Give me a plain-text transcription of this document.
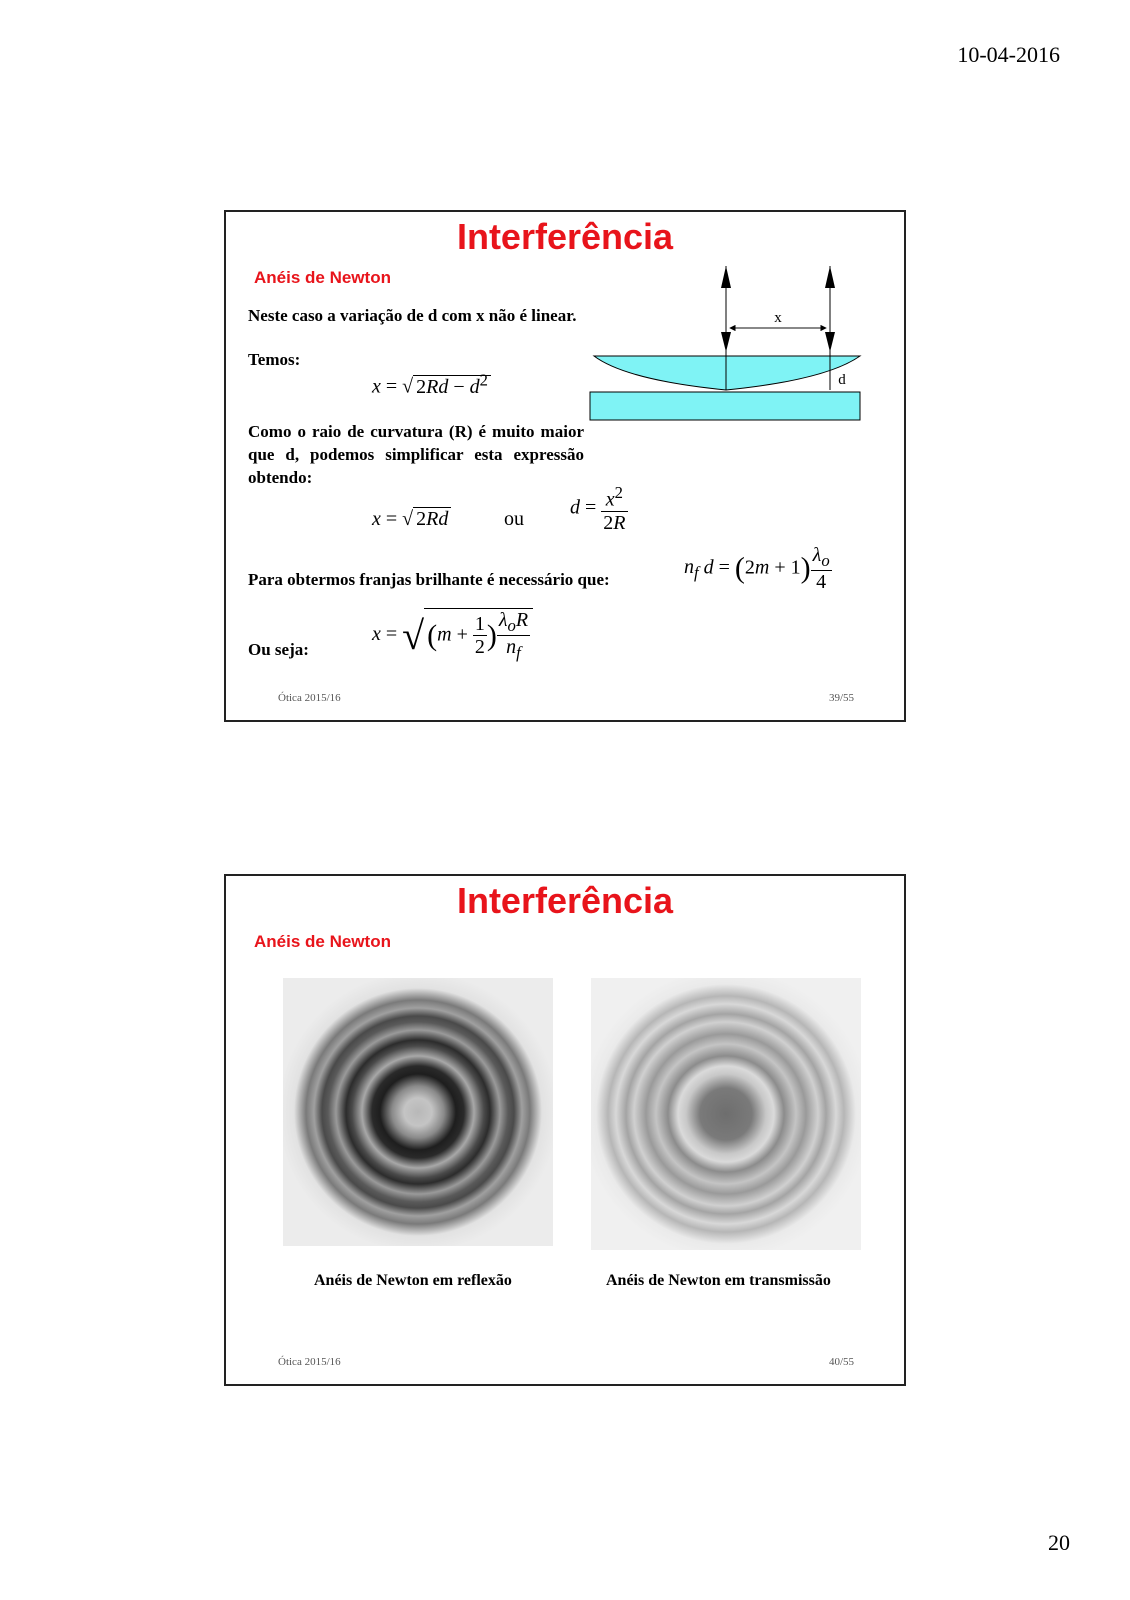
10-04-2016
Interferência
Anéis de Newton
Neste caso a variação de d com x não é linear.
Temos:
x = √ $2Rd - d^2$
Como o raio de curvatura (R) é muito maior que d, podemos simplificar esta expressão obtendo:
x = √ 2Rd	ou
$d = \frac{x^2}{2R}$
Para obtermos franjas brilhante é necessário que:
$n_f$ $d = (2m + 1) \frac{\lambda_o}{4}$
Ou seja:
x = √ ($m + \frac{1}{2}$ ) $\frac{\lambda_oR}{n_f}$
x
d
Ótica 2015/16	39/55
Interferência
Anéis de Newton
Anéis de Newton em reflexão	Anéis de Newton em transmissão
Ótica 2015/16	40/55
20
